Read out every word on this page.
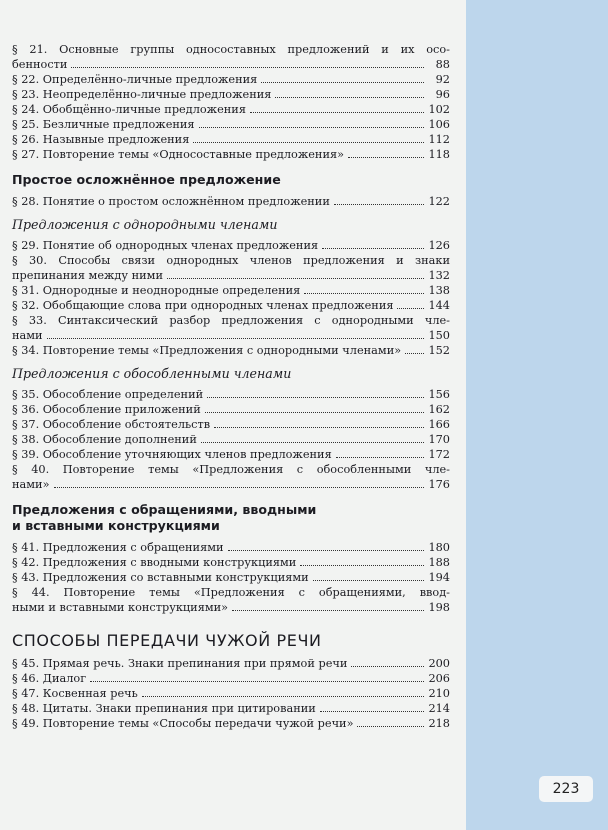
§ 21. Основные группы односоставных предложений и их осо-
бенности	88
§ 22. Определённо-личные предложения	92
§ 23. Неопределённо-личные предложения	96
§ 24. Обобщённо-личные предложения	102
§ 25. Безличные предложения	106
§ 26. Назывные предложения	112
§ 27. Повторение темы «Односоставные предложения»	118
Простое осложнённое предложение
§ 28. Понятие о простом осложнённом предложении	122
Предложения с однородными членами
§ 29. Понятие об однородных членах предложения	126
§ 30. Способы связи однородных членов предложения и знаки
препинания между ними	132
§ 31. Однородные и неоднородные определения	138
§ 32. Обобщающие слова при однородных членах предложения	144
§ 33. Синтаксический разбор предложения с однородными чле-
нами	150
§ 34. Повторение темы «Предложения с однородными членами» 152
Предложения с обособленными членами
§ 35. Обособление определений	156
§ 36. Обособление приложений	162
§ 37. Обособление обстоятельств	166
§ 38. Обособление дополнений	170
§ 39. Обособление уточняющих членов предложения	172
§ 40. Повторение темы «Предложения с обособленными чле-
нами»	176
Предложения с обращениями, вводными
и вставными конструкциями
§ 41. Предложения с обращениями	180
§ 42. Предложения с вводными конструкциями	188
§ 43. Предложения со вставными конструкциями	194
§ 44. Повторение темы «Предложения с обращениями, ввод-
ными и вставными конструкциями»	198
СПОСОБЫ ПЕРЕДАЧИ ЧУЖОЙ РЕЧИ
§ 45. Прямая речь. Знаки препинания при прямой речи	200
§ 46. Диалог	206
§ 47. Косвенная речь	210
§ 48. Цитаты. Знаки препинания при цитировании	214
§ 49. Повторение темы «Способы передачи чужой речи»	218
223
